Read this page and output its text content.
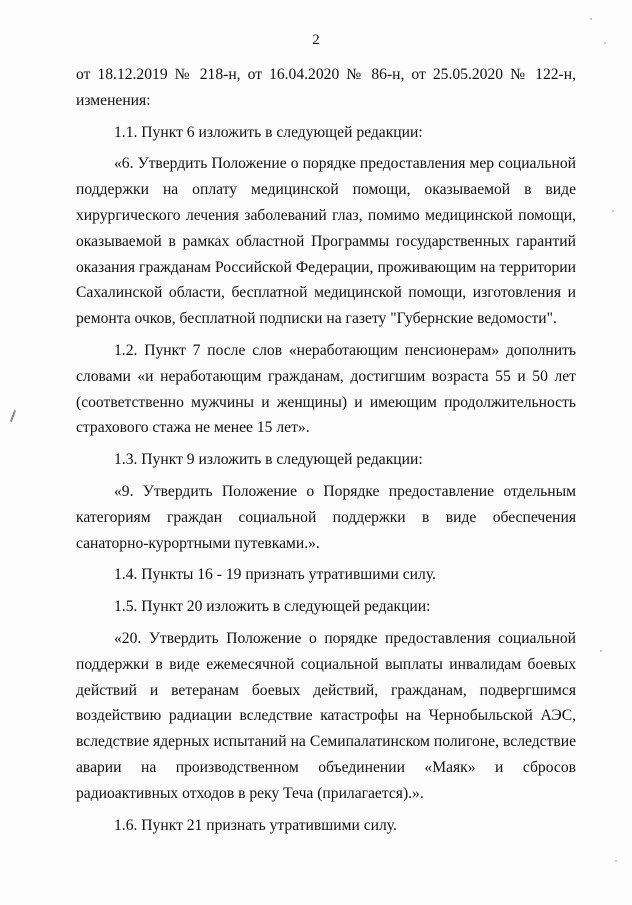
2

от 18.12.2019 № 218-н, от 16.04.2020 № 86-н, от 25.05.2020 № 122-н, изменения:

1.1. Пункт 6 изложить в следующей редакции:

«6. Утвердить Положение о порядке предоставления мер социальной поддержки на оплату медицинской помощи, оказываемой в виде хирургического лечения заболеваний глаз, помимо медицинской помощи, оказываемой в рамках областной Программы государственных гарантий оказания гражданам Российской Федерации, проживающим на территории Сахалинской области, бесплатной медицинской помощи, изготовления и ремонта очков, бесплатной подписки на газету "Губернские ведомости".

1.2. Пункт 7 после слов «неработающим пенсионерам» дополнить словами «и неработающим гражданам, достигшим возраста 55 и 50 лет (соответственно мужчины и женщины) и имеющим продолжительность страхового стажа не менее 15 лет».

1.3. Пункт 9 изложить в следующей редакции:

«9. Утвердить Положение о Порядке предоставление отдельным категориям граждан социальной поддержки в виде обеспечения санаторно-курортными путевками.».

1.4. Пункты 16 - 19 признать утратившими силу.

1.5. Пункт 20 изложить в следующей редакции:

«20. Утвердить Положение о порядке предоставления социальной поддержки в виде ежемесячной социальной выплаты инвалидам боевых действий и ветеранам боевых действий, гражданам, подвергшимся воздействию радиации вследствие катастрофы на Чернобыльской АЭС, вследствие ядерных испытаний на Семипалатинском полигоне, вследствие аварии на производственном объединении «Маяк» и сбросов радиоактивных отходов в реку Теча (прилагается).».

1.6. Пункт 21 признать утратившими силу.
